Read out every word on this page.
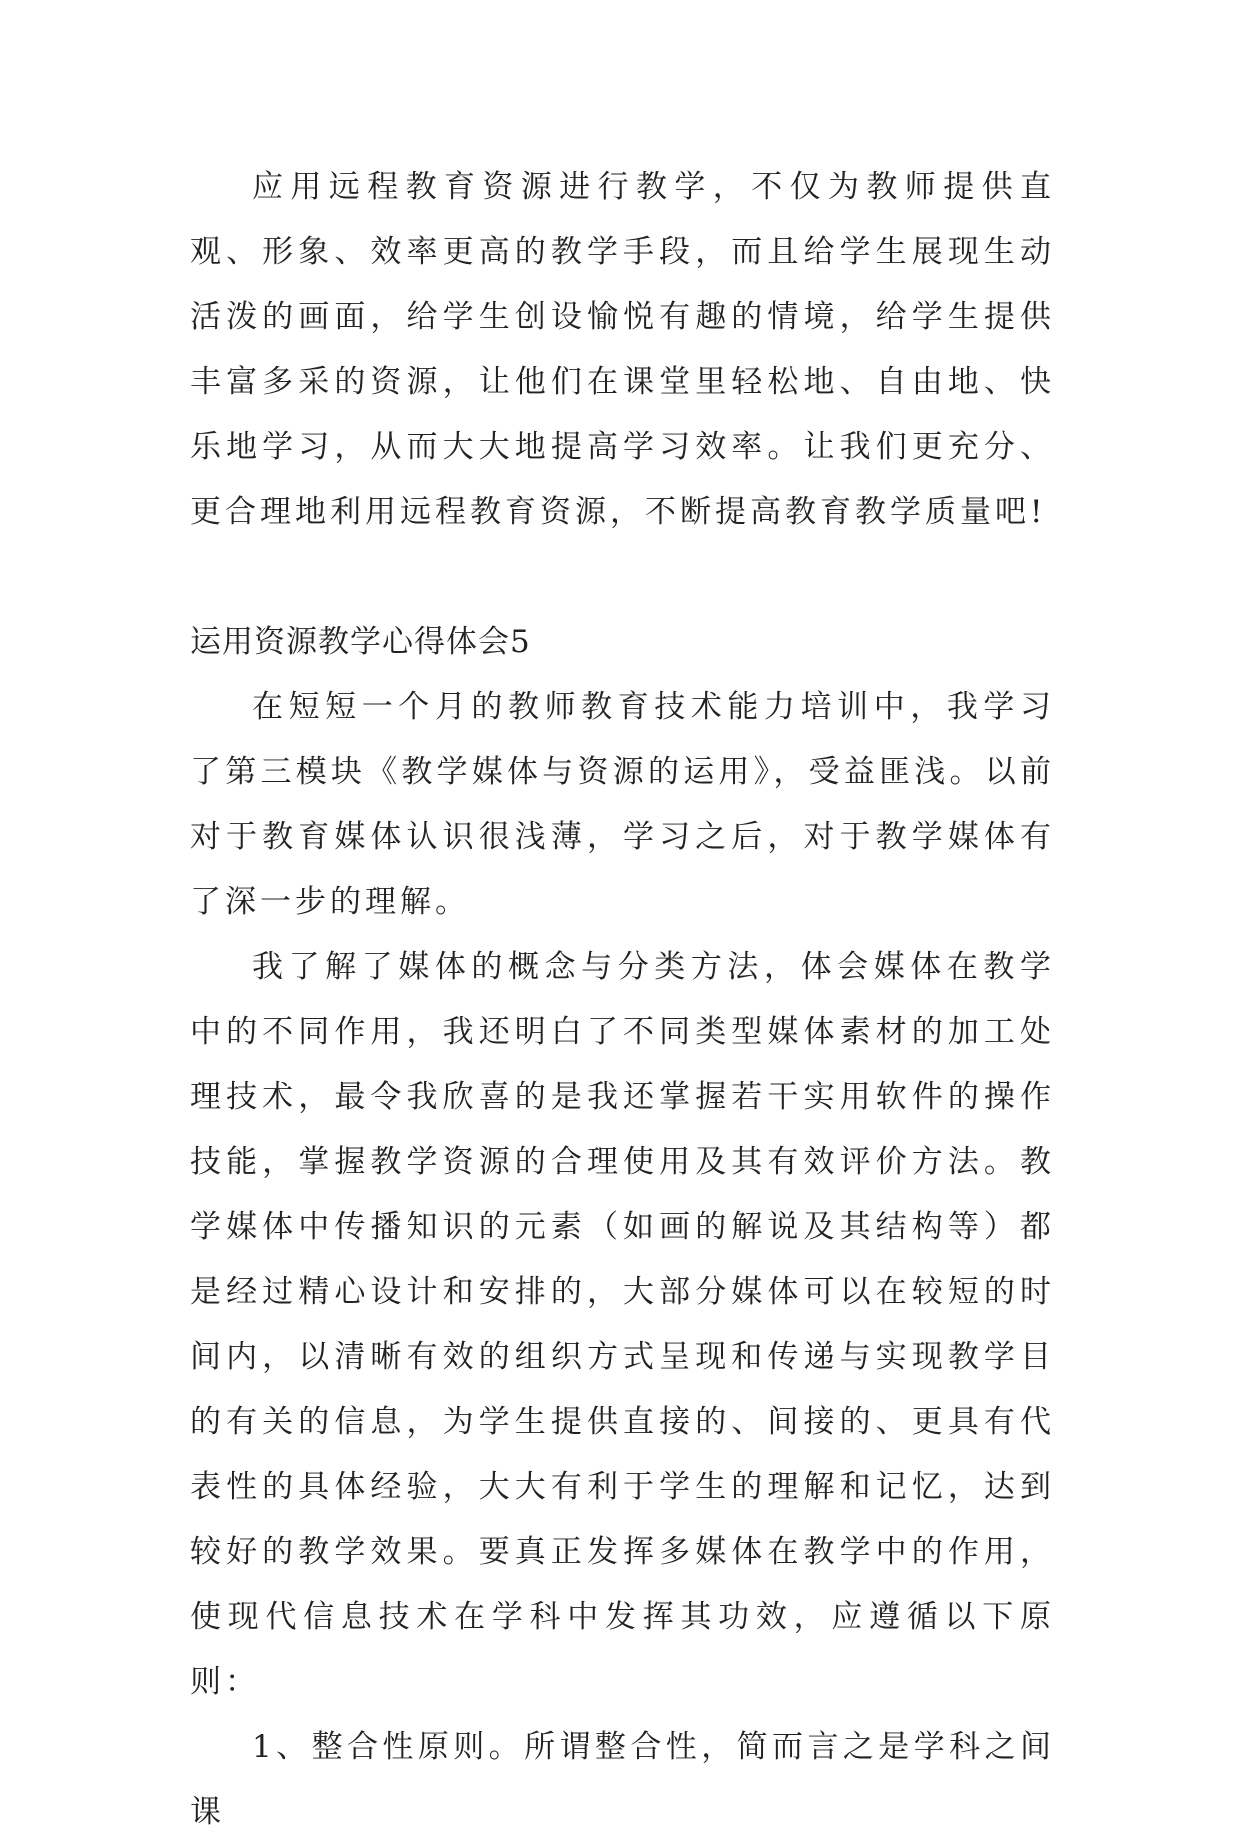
应用远程教育资源进行教学，不仅为教师提供直观、形象、效率更高的教学手段，而且给学生展现生动活泼的画面，给学生创设愉悦有趣的情境，给学生提供丰富多采的资源，让他们在课堂里轻松地、自由地、快乐地学习，从而大大地提高学习效率。让我们更充分、更合理地利用远程教育资源，不断提高教育教学质量吧!

运用资源教学心得体会5

在短短一个月的教师教育技术能力培训中，我学习了第三模块《教学媒体与资源的运用》，受益匪浅。以前对于教育媒体认识很浅薄，学习之后，对于教学媒体有了深一步的理解。

我了解了媒体的概念与分类方法，体会媒体在教学中的不同作用，我还明白了不同类型媒体素材的加工处理技术，最令我欣喜的是我还掌握若干实用软件的操作技能，掌握教学资源的合理使用及其有效评价方法。教学媒体中传播知识的元素（如画的解说及其结构等）都是经过精心设计和安排的，大部分媒体可以在较短的时间内，以清晰有效的组织方式呈现和传递与实现教学目的有关的信息，为学生提供直接的、间接的、更具有代表性的具体经验，大大有利于学生的理解和记忆，达到较好的教学效果。要真正发挥多媒体在教学中的作用，使现代信息技术在学科中发挥其功效，应遵循以下原则：

1、整合性原则。所谓整合性，简而言之是学科之间课
